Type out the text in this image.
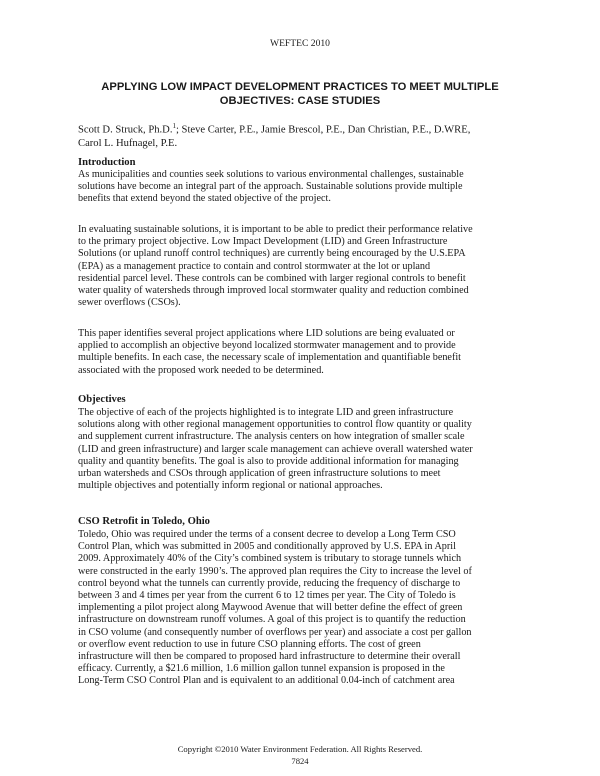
WEFTEC 2010
APPLYING LOW IMPACT DEVELOPMENT PRACTICES TO MEET MULTIPLE
OBJECTIVES: CASE STUDIES
Scott D. Struck, Ph.D.$^1$; Steve Carter, P.E., Jamie Brescol, P.E., Dan Christian, P.E., D.WRE,
Carol L. Hufnagel, P.E.
Introduction
As municipalities and counties seek solutions to various environmental challenges, sustainable
solutions have become an integral part of the approach. Sustainable solutions provide multiple
benefits that extend beyond the stated objective of the project.
In evaluating sustainable solutions, it is important to be able to predict their performance relative
to the primary project objective. Low Impact Development (LID) and Green Infrastructure
Solutions (or upland runoff control techniques) are currently being encouraged by the U.S.EPA
(EPA) as a management practice to contain and control stormwater at the lot or upland
residential parcel level. These controls can be combined with larger regional controls to benefit
water quality of watersheds through improved local stormwater quality and reduction combined
sewer overflows (CSOs).
This paper identifies several project applications where LID solutions are being evaluated or
applied to accomplish an objective beyond localized stormwater management and to provide
multiple benefits. In each case, the necessary scale of implementation and quantifiable benefit
associated with the proposed work needed to be determined.
Objectives
The objective of each of the projects highlighted is to integrate LID and green infrastructure
solutions along with other regional management opportunities to control flow quantity or quality
and supplement current infrastructure. The analysis centers on how integration of smaller scale
(LID and green infrastructure) and larger scale management can achieve overall watershed water
quality and quantity benefits. The goal is also to provide additional information for managing
urban watersheds and CSOs through application of green infrastructure solutions to meet
multiple objectives and potentially inform regional or national approaches.
CSO Retrofit in Toledo, Ohio
Toledo, Ohio was required under the terms of a consent decree to develop a Long Term CSO
Control Plan, which was submitted in 2005 and conditionally approved by U.S. EPA in April
2009. Approximately 40% of the City’s combined system is tributary to storage tunnels which
were constructed in the early 1990’s. The approved plan requires the City to increase the level of
control beyond what the tunnels can currently provide, reducing the frequency of discharge to
between 3 and 4 times per year from the current 6 to 12 times per year. The City of Toledo is
implementing a pilot project along Maywood Avenue that will better define the effect of green
infrastructure on downstream runoff volumes. A goal of this project is to quantify the reduction
in CSO volume (and consequently number of overflows per year) and associate a cost per gallon
or overflow event reduction to use in future CSO planning efforts. The cost of green
infrastructure will then be compared to proposed hard infrastructure to determine their overall
efficacy. Currently, a $21.6 million, 1.6 million gallon tunnel expansion is proposed in the
Long-Term CSO Control Plan and is equivalent to an additional 0.04-inch of catchment area
Copyright ©2010 Water Environment Federation. All Rights Reserved.
7824
